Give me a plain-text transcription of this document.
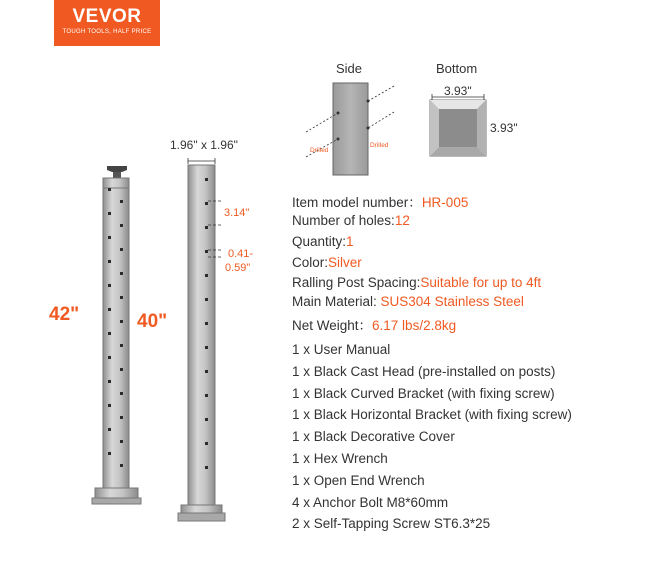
VEVOR
TOUGH TOOLS, HALF PRICE
Side	Bottom
Drilled
Drilled
3.93"
3.93"
1.96" x 1.96"
3.14"
0.41-
0.59"
42"	40"
Item model number：HR-005
Number of holes:12
Quantity:1
Color:Silver
Ralling Post Spacing:Suitable for up to 4ft
Main Material: SUS304 Stainless Steel
Net Weight：6.17 lbs/2.8kg
1 x User Manual
1 x Black Cast Head (pre-installed on posts)
1 x Black Curved Bracket (with fixing screw)
1 x Black Horizontal Bracket (with fixing screw)
1 x Black Decorative Cover
1 x Hex Wrench
1 x Open End Wrench
4 x Anchor Bolt M8*60mm
2 x Self-Tapping Screw ST6.3*25
